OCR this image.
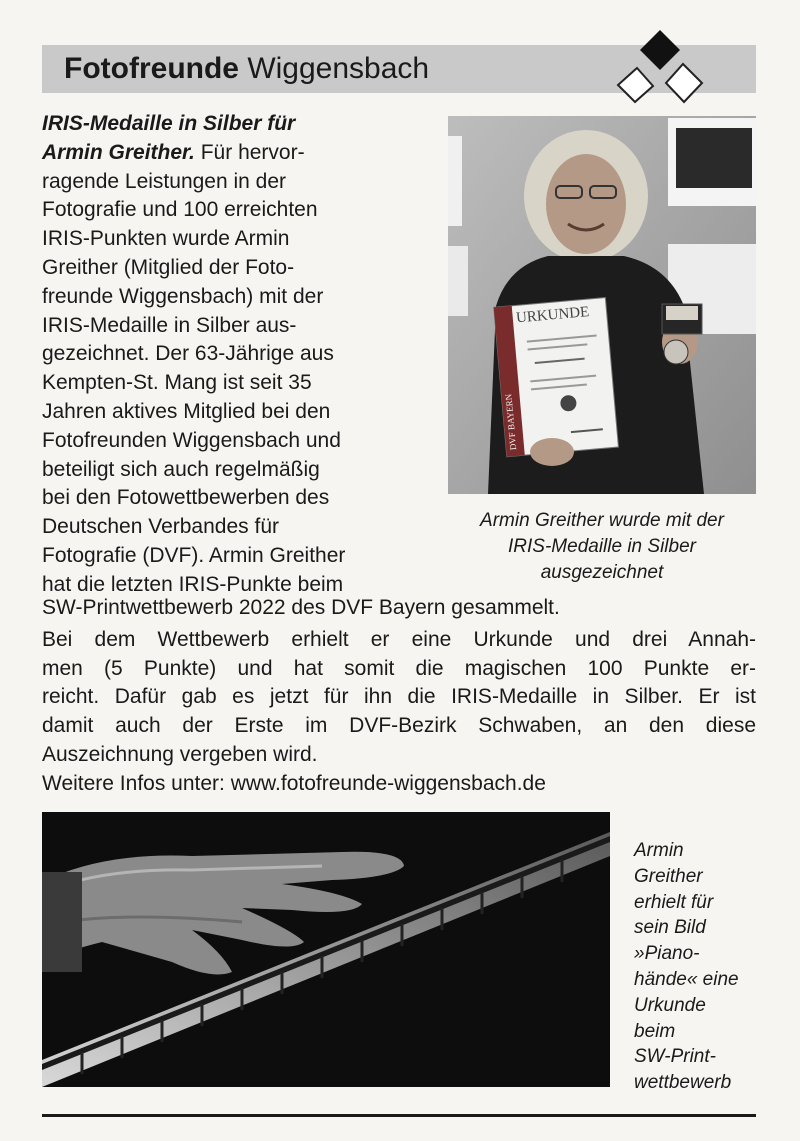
Fotofreunde Wiggensbach
IRIS-Medaille in Silber für
Armin Greither. Für hervor-
ragende Leistungen in der
Fotografie und 100 erreichten
IRIS-Punkten wurde Armin
Greither (Mitglied der Foto-
freunde Wiggensbach) mit der
IRIS-Medaille in Silber aus-
gezeichnet. Der 63-Jährige aus
Kempten-St. Mang ist seit 35
Jahren aktives Mitglied bei den
Fotofreunden Wiggensbach und
beteiligt sich auch regelmäßig
bei den Fotowettbewerben des
Deutschen Verbandes für
Fotografie (DVF). Armin Greither
hat die letzten IRIS-Punkte beim
URKUNDE
DVF BAYERN
Armin Greither wurde mit der
IRIS-Medaille in Silber
ausgezeichnet
SW-Printwettbewerb 2022 des DVF Bayern gesammelt.
Bei dem Wettbewerb erhielt er eine Urkunde und drei Annah-
men (5 Punkte) und hat somit die magischen 100 Punkte er-
reicht. Dafür gab es jetzt für ihn die IRIS-Medaille in Silber. Er ist
damit auch der Erste im DVF-Bezirk Schwaben, an den diese
Auszeichnung vergeben wird.
Weitere Infos unter: www.fotofreunde-wiggensbach.de
Armin
Greither
erhielt für
sein Bild
»Piano-
hände« eine
Urkunde
beim
SW-Print-
wettbewerb
